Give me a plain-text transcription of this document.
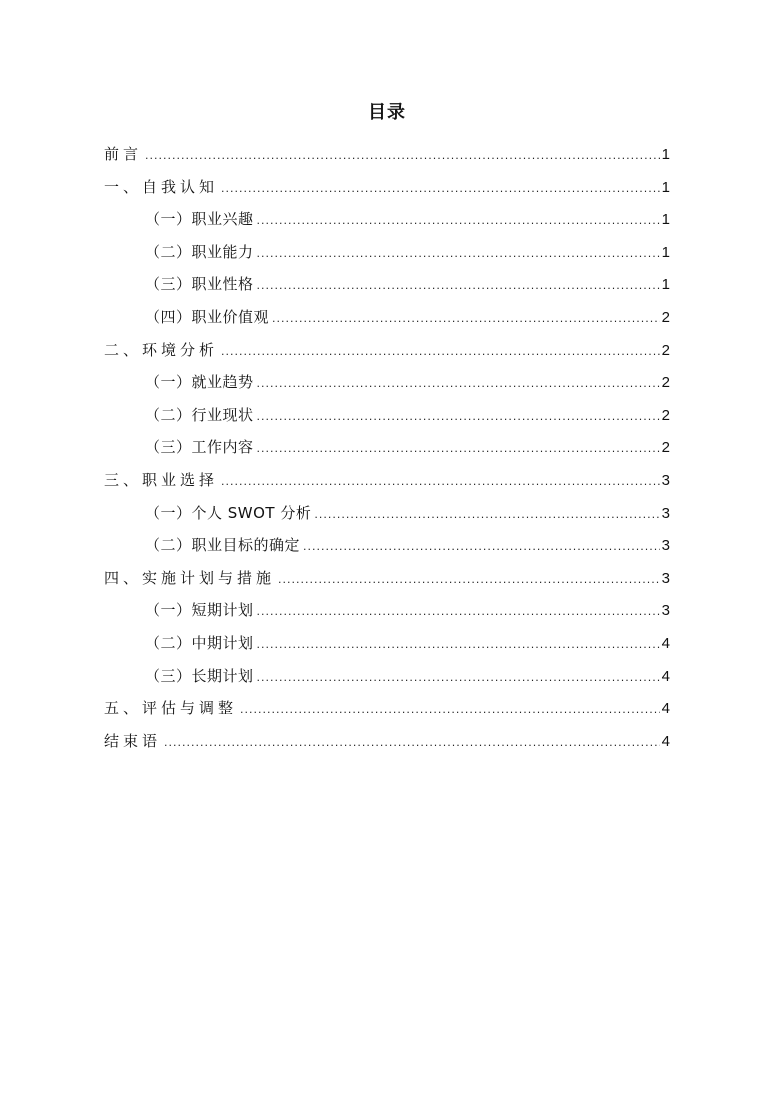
目录
前言 .....	1
一、自我认知 .....	1
（一）职业兴趣 .....	1
（二）职业能力 .....	1
（三）职业性格 .....	1
（四）职业价值观 .....	2
二、环境分析 .....	2
（一）就业趋势 .....	2
（二）行业现状 .....	2
（三）工作内容 .....	2
三、职业选择 .....	3
（一）个人 SWOT 分析 .....	3
（二）职业目标的确定 .....	3
四、实施计划与措施 .....	3
（一）短期计划 .....	3
（二）中期计划 .....	4
（三）长期计划 .....	4
五、评估与调整 .....	4
结束语 .....	4
